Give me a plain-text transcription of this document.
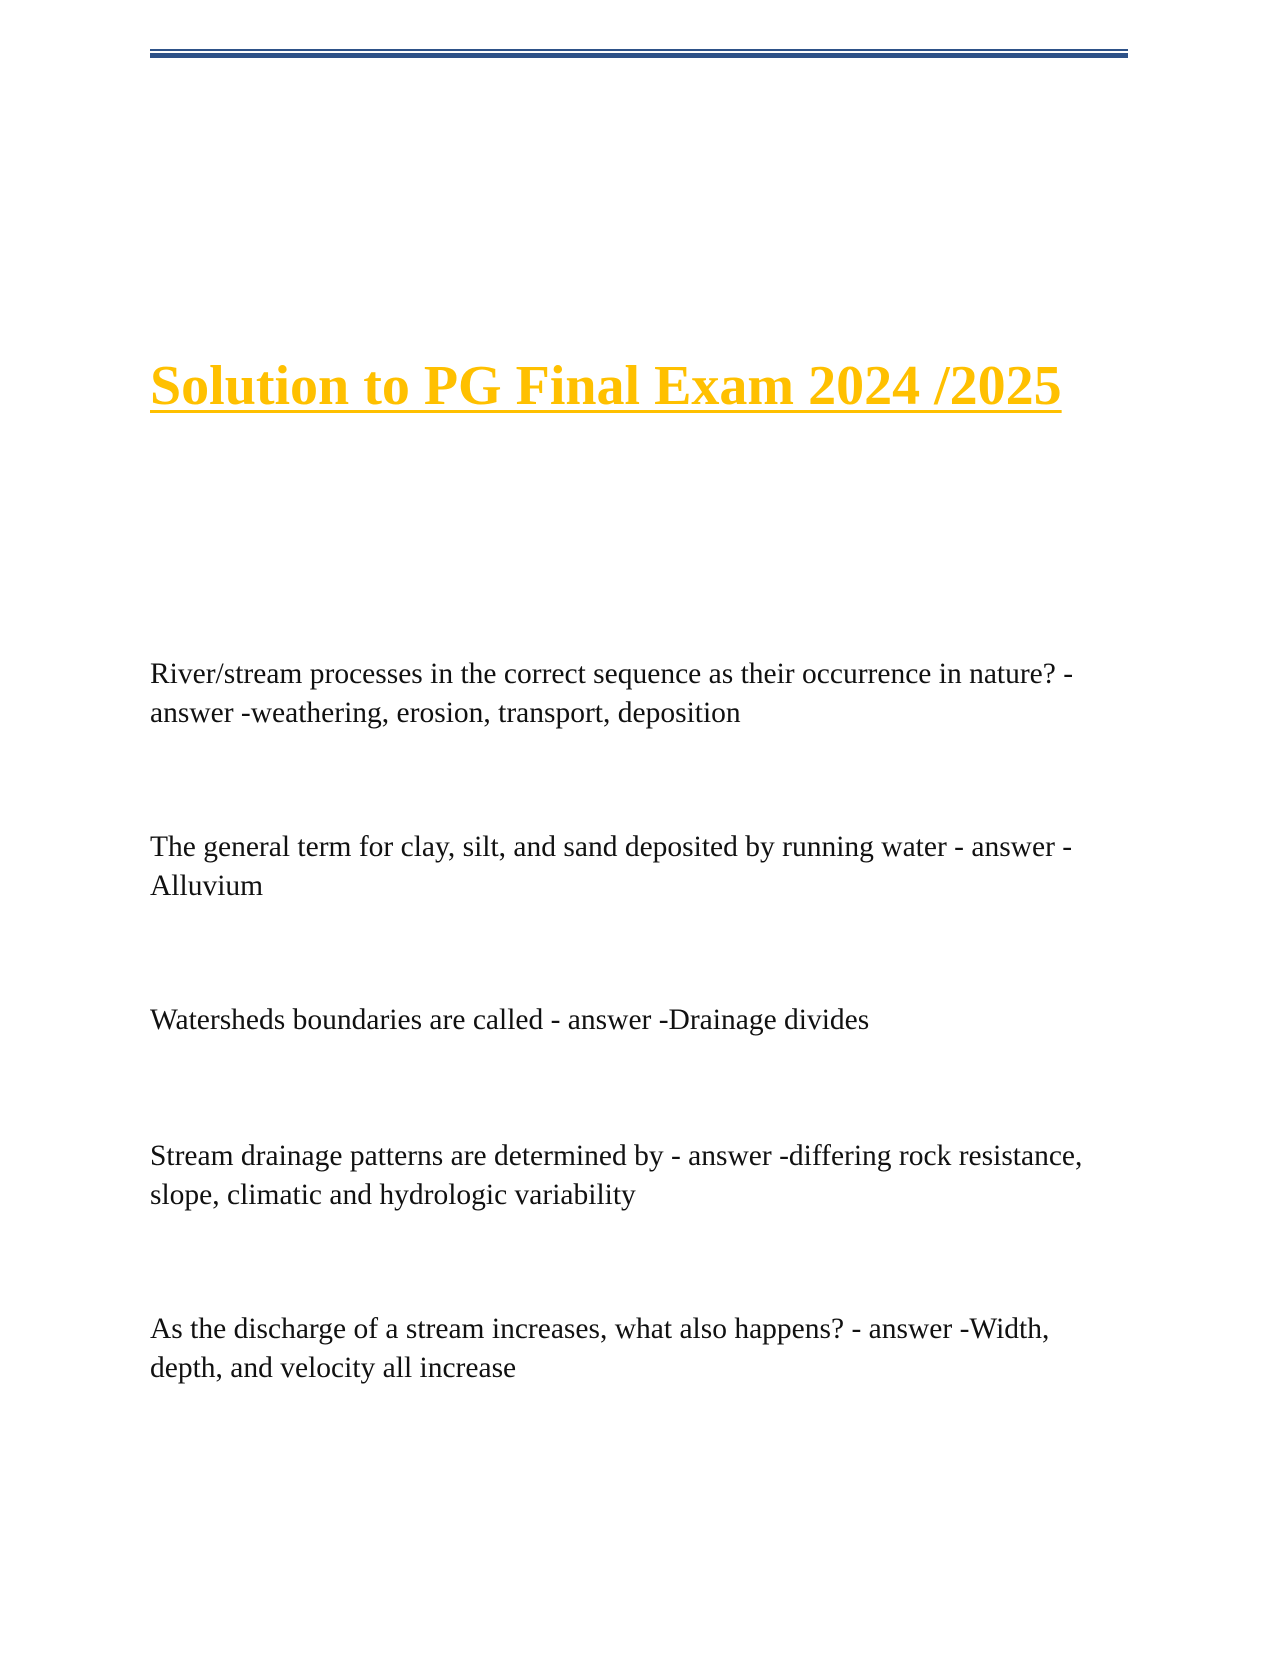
Solution to PG Final Exam 2024 /2025

River/stream processes in the correct sequence as their occurrence in nature? - answer -weathering, erosion, transport, deposition

The general term for clay, silt, and sand deposited by running water - answer -Alluvium

Watersheds boundaries are called - answer -Drainage divides

Stream drainage patterns are determined by - answer -differing rock resistance, slope, climatic and hydrologic variability

As the discharge of a stream increases, what also happens? - answer -Width, depth, and velocity all increase
